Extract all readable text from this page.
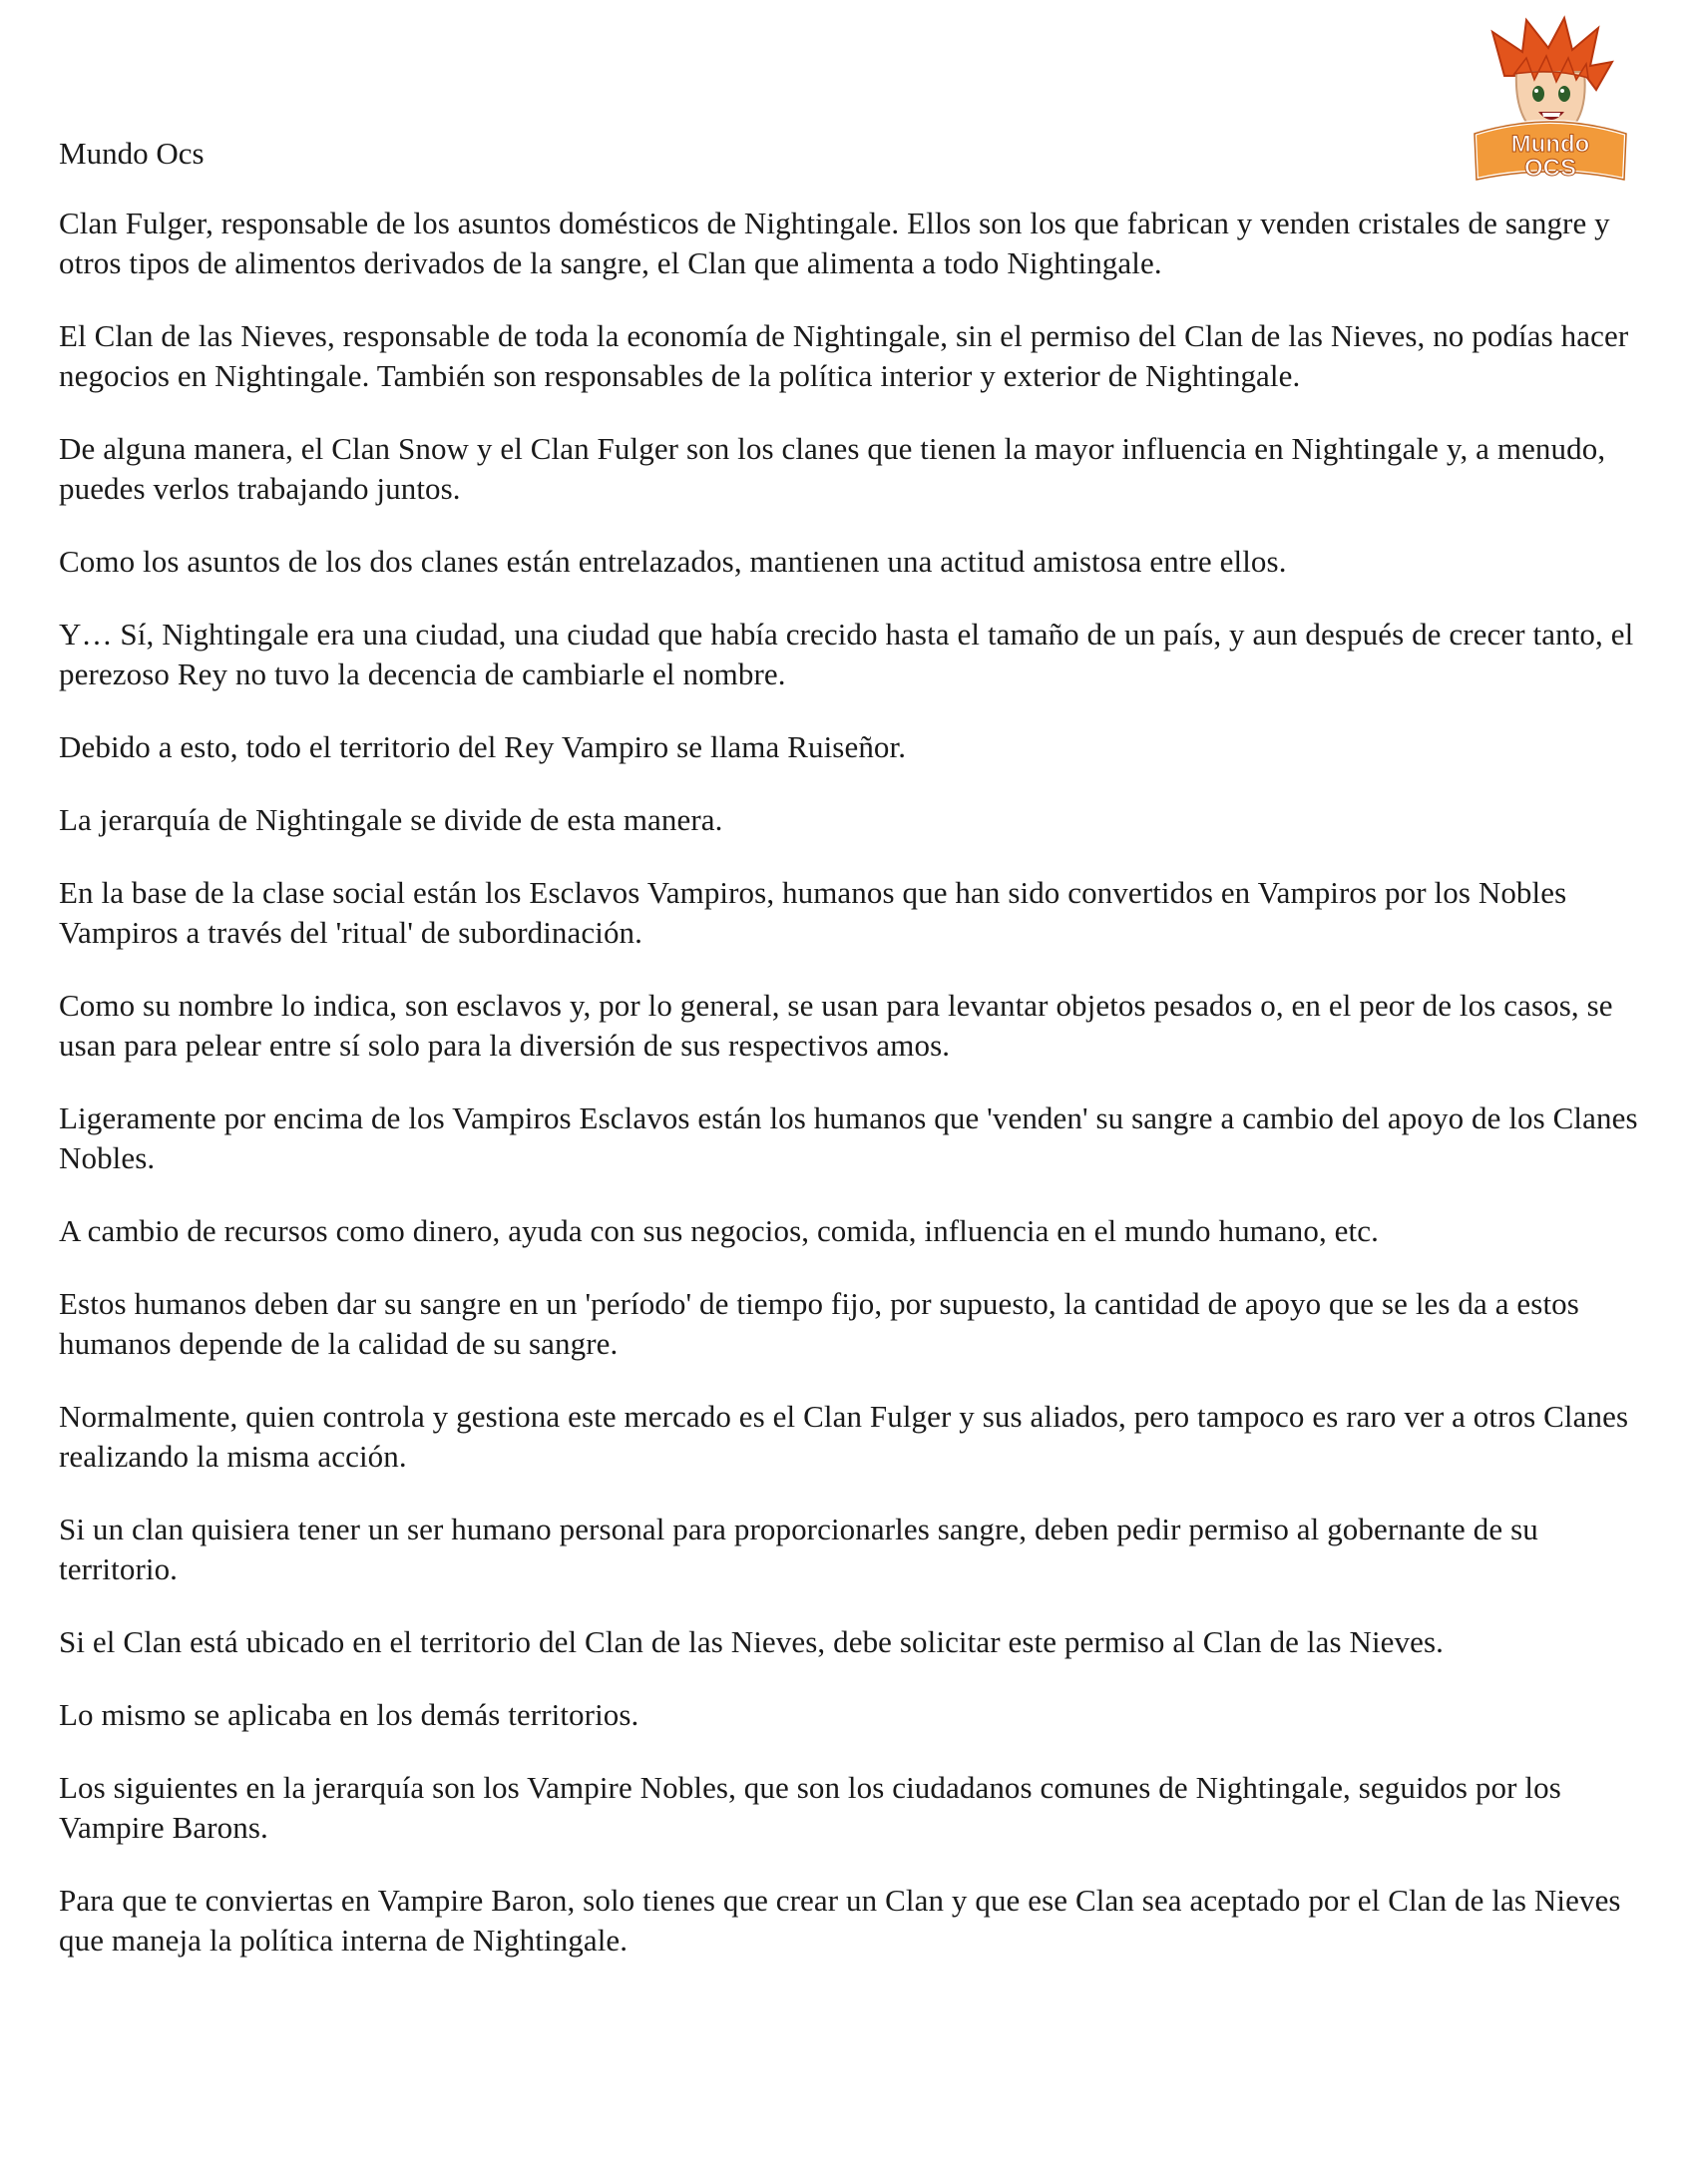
Mundo
OCS
Mundo Ocs

Clan Fulger, responsable de los asuntos domésticos de Nightingale. Ellos son los que fabrican y venden cristales de sangre y otros tipos de alimentos derivados de la sangre, el Clan que alimenta a todo Nightingale.

El Clan de las Nieves, responsable de toda la economía de Nightingale, sin el permiso del Clan de las Nieves, no podías hacer negocios en Nightingale. También son responsables de la política interior y exterior de Nightingale.

De alguna manera, el Clan Snow y el Clan Fulger son los clanes que tienen la mayor influencia en Nightingale y, a menudo, puedes verlos trabajando juntos.

Como los asuntos de los dos clanes están entrelazados, mantienen una actitud amistosa entre ellos.

Y… Sí, Nightingale era una ciudad, una ciudad que había crecido hasta el tamaño de un país, y aun después de crecer tanto, el perezoso Rey no tuvo la decencia de cambiarle el nombre.

Debido a esto, todo el territorio del Rey Vampiro se llama Ruiseñor.

La jerarquía de Nightingale se divide de esta manera.

En la base de la clase social están los Esclavos Vampiros, humanos que han sido convertidos en Vampiros por los Nobles Vampiros a través del 'ritual' de subordinación.

Como su nombre lo indica, son esclavos y, por lo general, se usan para levantar objetos pesados o, en el peor de los casos, se usan para pelear entre sí solo para la diversión de sus respectivos amos.

Ligeramente por encima de los Vampiros Esclavos están los humanos que 'venden' su sangre a cambio del apoyo de los Clanes Nobles.

A cambio de recursos como dinero, ayuda con sus negocios, comida, influencia en el mundo humano, etc.

Estos humanos deben dar su sangre en un 'período' de tiempo fijo, por supuesto, la cantidad de apoyo que se les da a estos humanos depende de la calidad de su sangre.

Normalmente, quien controla y gestiona este mercado es el Clan Fulger y sus aliados, pero tampoco es raro ver a otros Clanes realizando la misma acción.

Si un clan quisiera tener un ser humano personal para proporcionarles sangre, deben pedir permiso al gobernante de su territorio.

Si el Clan está ubicado en el territorio del Clan de las Nieves, debe solicitar este permiso al Clan de las Nieves.

Lo mismo se aplicaba en los demás territorios.

Los siguientes en la jerarquía son los Vampire Nobles, que son los ciudadanos comunes de Nightingale, seguidos por los Vampire Barons.

Para que te conviertas en Vampire Baron, solo tienes que crear un Clan y que ese Clan sea aceptado por el Clan de las Nieves que maneja la política interna de Nightingale.
